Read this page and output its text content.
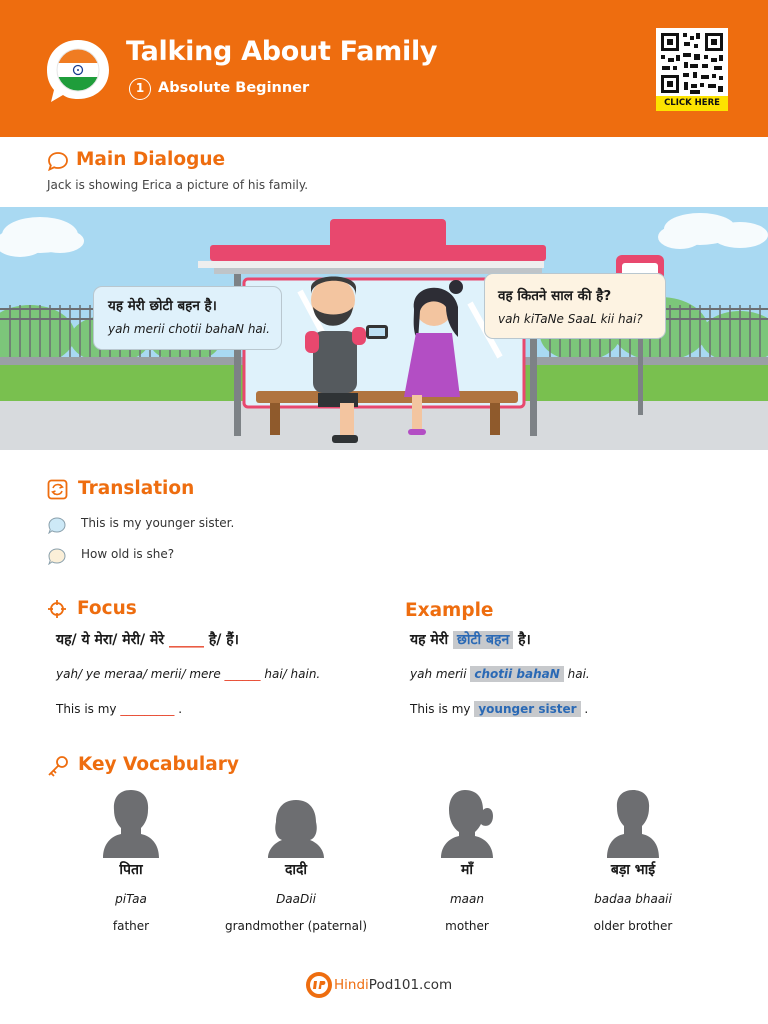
Talking About Family
1 Absolute Beginner
CLICK HERE
Main Dialogue
Jack is showing Erica a picture of his family.
यह मेरी छोटी बहन है।
yah merii chotii bahaN hai.
वह कितने साल की है?
vah kiTaNe SaaL kii hai?
Translation
This is my younger sister.
How old is she?
Focus
यह/ ये मेरा/ मेरी/ मेरे _____ है/ हैं।
yah/ ye meraa/ merii/ mere ______ hai/ hain.
This is my _________ .
Example
यह मेरी छोटी बहन है।
yah merii chotii bahaN hai.
This is my younger sister .
Key Vocabulary
पिता
piTaa
father
दादी
DaaDii
grandmother (paternal)
माँ
maan
mother
बड़ा भाई
badaa bhaaii
older brother
HindiPod101.com
